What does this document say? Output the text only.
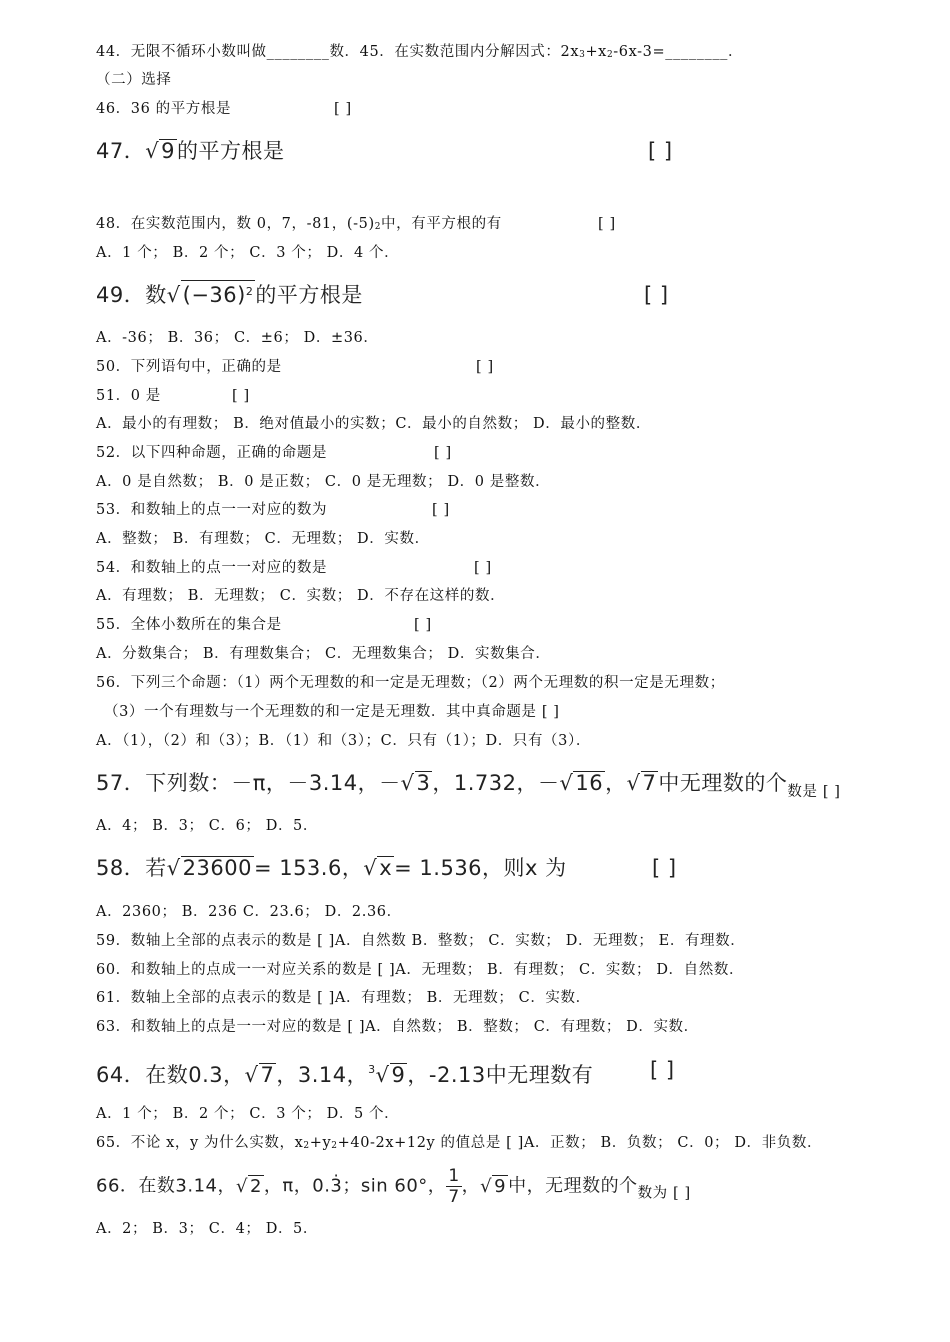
44．无限不循环小数叫做________数．45．在实数范围内分解因式：2x3+x2-6x-3=________．
（二）选择
46．36 的平方根是	[ ]
47．√9的平方根是	[ ]
48．在实数范围内，数 0，7，-81，(-5)2中，有平方根的有	[ ]
A．1 个； B．2 个； C．3 个； D．4 个．
49．数$√(-36)^2$的平方根是	[ ]
A．-36； B．36； C．±6； D．±36．
50．下列语句中，正确的是	[ ]
51．0 是	[ ]
A．最小的有理数； B．绝对值最小的实数；C．最小的自然数； D．最小的整数．
52．以下四种命题，正确的命题是	[ ]
A．0 是自然数； B．0 是正数； C．0 是无理数； D．0 是整数．
53．和数轴上的点一一对应的数为	[ ]
A．整数； B．有理数； C．无理数； D．实数．
54．和数轴上的点一一对应的数是	[ ]
A．有理数； B．无理数； C．实数； D．不存在这样的数．
55．全体小数所在的集合是	[ ]
A．分数集合； B．有理数集合； C．无理数集合； D．实数集合．
56．下列三个命题：（1）两个无理数的和一定是无理数；（2）两个无理数的积一定是无理数；
（3）一个有理数与一个无理数的和一定是无理数．其中真命题是 [ ]
A．（1），（2）和（3）；B．（1）和（3）；C．只有（1）；D．只有（3）．
57．下列数：－π，－3.14，－√3，1.732，－√16，√7中无理数的个$_{数是 [ ]}$
A．4； B．3； C．6； D．5．
58．若√23600= 153.6，√x= 1.536，则x 为	[ ]
A．2360； B．236 C．23.6； D．2.36．
59．数轴上全部的点表示的数是 [ ]A．自然数 B．整数； C．实数； D．无理数； E．有理数．
60．和数轴上的点成一一对应关系的数是 [ ]A．无理数； B．有理数； C．实数； D．自然数．
61．数轴上全部的点表示的数是 [ ]A．有理数； B．无理数； C．实数．
63．和数轴上的点是一一对应的数是 [ ]A．自然数； B．整数； C．有理数； D．实数．
64．在数0.3，√7，3.14，$^3$√9，-2.13中无理数有	[ ]
A．1 个； B．2 个； C．3 个； D．5 个．
65．不论 x，y 为什么实数，x2+y2+40-2x+12y 的值总是 [ ]A．正数； B．负数； C．0； D．非负数．
66．在数3.14，√ 2 ，π，0.3̇；sin 60°， $\frac{1}{7}$ ，√ 9 中，无理数的个$_{数为 [ ]}$
A．2； B．3； C．4； D．5．
